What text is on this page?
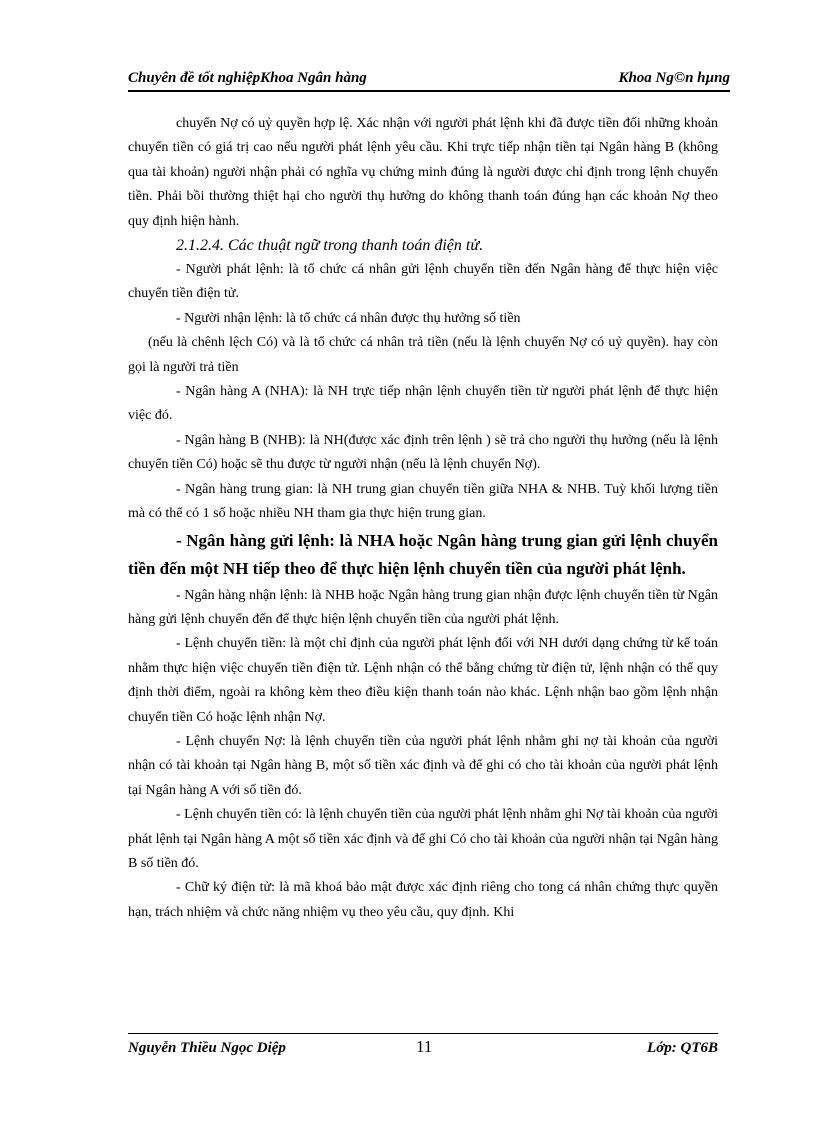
Chuyên đề tốt nghiệpKhoa Ngân hàng	Khoa Ng©n hµng

chuyển Nợ có uỷ quyền hợp lệ. Xác nhận với người phát lệnh khi đã được tiền đối những khoản chuyển tiền có giá trị cao nếu người phát lệnh yêu cầu. Khi trực tiếp nhận tiền tại Ngân hàng B (không qua tài khoản) người nhận phải có nghĩa vụ chứng minh đúng là người được chỉ định trong lệnh chuyển tiền. Phải bồi thường thiệt hại cho người thụ hưởng do không thanh toán đúng hạn các khoản Nợ theo quy định hiện hành.

2.1.2.4. Các thuật ngữ trong thanh toán điện tử.

- Người phát lệnh: là tổ chức cá nhân gửi lệnh chuyển tiền đến Ngân hàng để thực hiện việc chuyển tiền điện tử.

- Người nhận lệnh: là tổ chức cá nhân được thụ hưởng số tiền

(nếu là chênh lệch Có) và là tổ chức cá nhân trả tiền (nếu là lệnh chuyển Nợ có uỷ quyền). hay còn gọi là người trả tiền

- Ngân hàng A (NHA): là NH trực tiếp nhận lệnh chuyển tiền từ người phát lệnh để thực hiện việc đó.

- Ngân hàng B (NHB): là NH(được xác định trên lệnh ) sẽ trả cho người thụ hưởng (nếu là lệnh chuyển tiền Có) hoặc sẽ thu được từ người nhận (nếu là lệnh chuyển Nợ).

- Ngân hàng trung gian: là NH trung gian chuyển tiền giữa NHA & NHB. Tuỳ khối lượng tiền mà có thể có 1 số hoặc nhiều NH tham gia thực hiện trung gian.

- Ngân hàng gửi lệnh: là NHA hoặc Ngân hàng trung gian gửi lệnh chuyển tiền đến một NH tiếp theo để thực hiện lệnh chuyển tiền của người phát lệnh.

- Ngân hàng nhận lệnh: là NHB hoặc Ngân hàng trung gian nhận được lệnh chuyển tiền từ Ngân hàng gửi lệnh chuyển đến để thực hiện lệnh chuyển tiền của người phát lệnh.

- Lệnh chuyển tiền: là một chỉ định của người phát lệnh đối với NH dưới dạng chứng từ kế toán nhằm thực hiện việc chuyển tiền điện tử. Lệnh nhận có thể bằng chứng từ điện tử, lệnh nhận có thể quy định thời điểm, ngoài ra không kèm theo điều kiện thanh toán nào khác. Lệnh nhận bao gồm lệnh nhận chuyển tiền Có hoặc lệnh nhận Nợ.

- Lệnh chuyển Nợ: là lệnh chuyển tiền của người phát lệnh nhằm ghi nợ tài khoản của người nhận có tài khoản tại Ngân hàng B, một số tiền xác định và để ghi có cho tài khoản của người phát lệnh tại Ngân hàng A với số tiền đó.

- Lệnh chuyển tiền có: là lệnh chuyển tiền của người phát lệnh nhằm ghi Nợ tài khoản của người phát lệnh tại Ngân hàng A một số tiền xác định và để ghi Có cho tài khoản của người nhận tại Ngân hàng B số tiền đó.

- Chữ ký điện tử: là mã khoá bảo mật được xác định riêng cho tong cá nhân chứng thực quyền hạn, trách nhiệm và chức năng nhiệm vụ theo yêu cầu, quy định. Khi

Nguyễn Thiều Ngọc Diệp	11	Lớp: QT6B
